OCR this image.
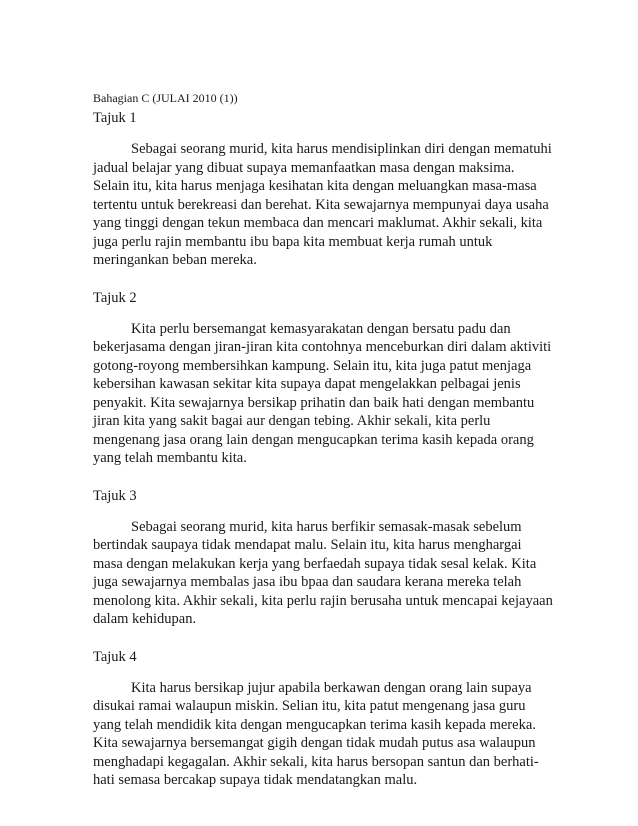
Bahagian C (JULAI 2010 (1))
Tajuk 1

Sebagai seorang murid, kita harus mendisiplinkan diri dengan mematuhi jadual belajar yang dibuat supaya memanfaatkan masa dengan maksima. Selain itu, kita harus menjaga kesihatan kita dengan meluangkan masa-masa tertentu untuk berekreasi dan berehat. Kita sewajarnya mempunyai daya usaha yang tinggi dengan tekun membaca dan mencari maklumat. Akhir sekali, kita juga perlu rajin membantu ibu bapa kita membuat kerja rumah untuk meringankan beban mereka.

Tajuk 2

Kita perlu bersemangat kemasyarakatan dengan bersatu padu dan bekerjasama dengan jiran-jiran kita contohnya menceburkan diri dalam aktiviti gotong-royong membersihkan kampung. Selain itu, kita juga patut menjaga kebersihan kawasan sekitar kita supaya dapat mengelakkan pelbagai jenis penyakit. Kita sewajarnya bersikap prihatin dan baik hati dengan membantu jiran kita yang sakit bagai aur dengan tebing. Akhir sekali, kita perlu mengenang jasa orang lain dengan mengucapkan terima kasih kepada orang yang telah membantu kita.

Tajuk 3

Sebagai seorang murid, kita harus berfikir semasak-masak sebelum bertindak saupaya tidak mendapat malu. Selain itu, kita harus menghargai masa dengan melakukan kerja yang berfaedah supaya tidak sesal kelak. Kita juga sewajarnya membalas jasa ibu bpaa dan saudara kerana mereka telah menolong kita. Akhir sekali, kita perlu rajin berusaha untuk mencapai kejayaan dalam kehidupan.

Tajuk 4

Kita harus bersikap jujur apabila berkawan dengan orang lain supaya disukai ramai walaupun miskin. Selian itu, kita patut mengenang jasa guru yang telah mendidik kita dengan mengucapkan terima kasih kepada mereka. Kita sewajarnya bersemangat gigih dengan tidak mudah putus asa walaupun menghadapi kegagalan. Akhir sekali, kita harus bersopan santun dan berhati-hati semasa bercakap supaya tidak mendatangkan malu.
